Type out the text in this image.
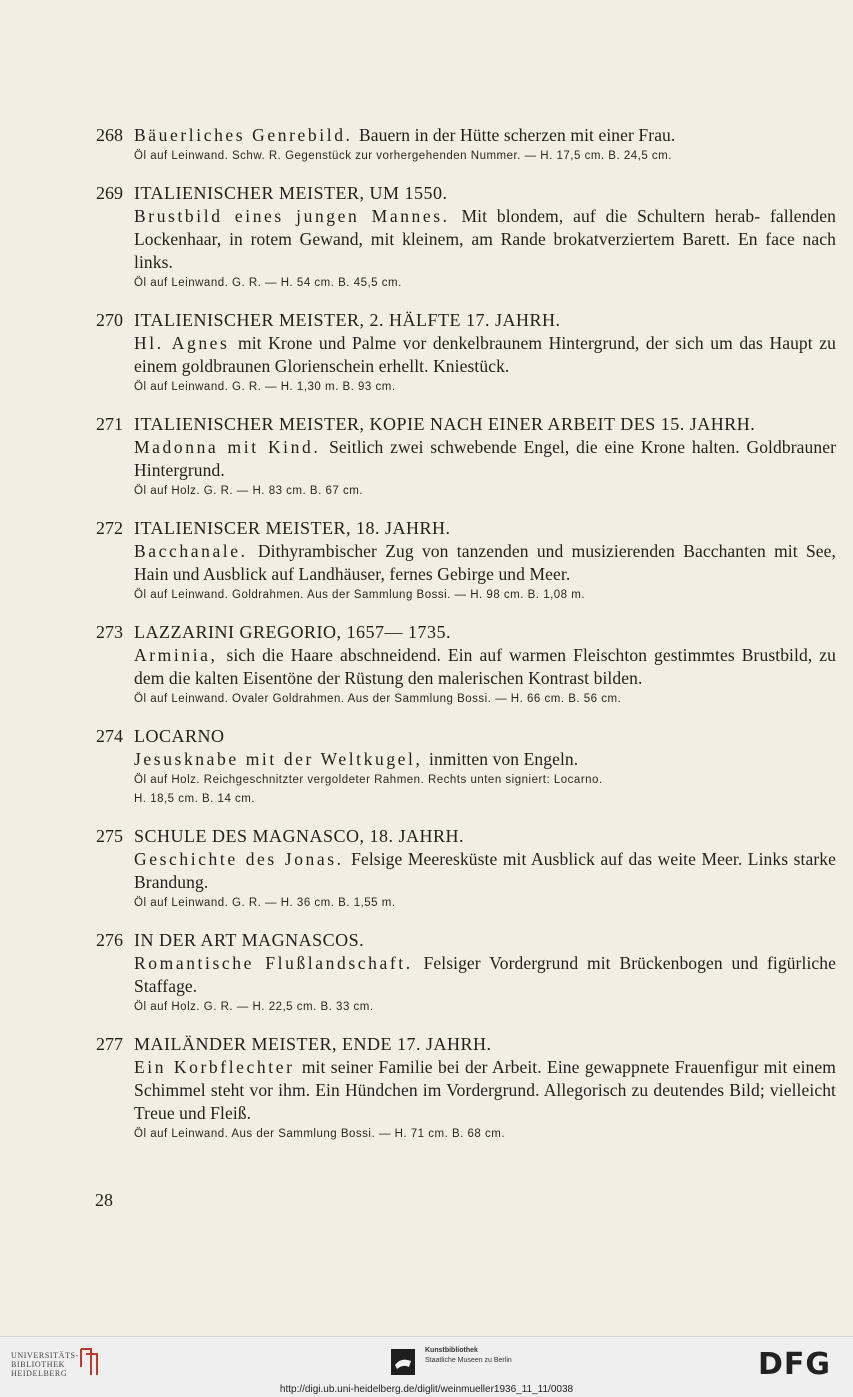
268 Bäuerliches Genrebild. Bauern in der Hütte scherzen mit einer Frau.
Öl auf Leinwand. Schw. R. Gegenstück zur vorhergehenden Nummer. — H. 17,5 cm. B. 24,5 cm.
269 ITALIENISCHER MEISTER, UM 1550.
Brustbild eines jungen Mannes. Mit blondem, auf die Schultern herab- fallenden Lockenhaar, in rotem Gewand, mit kleinem, am Rande brokatverziertem Barett. En face nach links.
Öl auf Leinwand. G. R. — H. 54 cm. B. 45,5 cm.
270 ITALIENISCHER MEISTER, 2. HÄLFTE 17. JAHRH.
Hl. Agnes mit Krone und Palme vor denkelbraunem Hintergrund, der sich um das Haupt zu einem goldbraunen Glorienschein erhellt. Kniestück.
Öl auf Leinwand. G. R. — H. 1,30 m. B. 93 cm.
271 ITALIENISCHER MEISTER, KOPIE NACH EINER ARBEIT DES 15. JAHRH.
Madonna mit Kind. Seitlich zwei schwebende Engel, die eine Krone halten. Goldbrauner Hintergrund.
Öl auf Holz. G. R. — H. 83 cm. B. 67 cm.
272 ITALIENISCER MEISTER, 18. JAHRH.
Bacchanale. Dithyrambischer Zug von tanzenden und musizierenden Bacchanten mit See, Hain und Ausblick auf Landhäuser, fernes Gebirge und Meer.
Öl auf Leinwand. Goldrahmen. Aus der Sammlung Bossi. — H. 98 cm. B. 1,08 m.
273 LAZZARINI GREGORIO, 1657— 1735.
Arminia, sich die Haare abschneidend. Ein auf warmen Fleischton gestimmtes Brustbild, zu dem die kalten Eisentöne der Rüstung den malerischen Kontrast bilden.
Öl auf Leinwand. Ovaler Goldrahmen. Aus der Sammlung Bossi. — H. 66 cm. B. 56 cm.
274 LOCARNO
Jesusknabe mit der Weltkugel, inmitten von Engeln.
Öl auf Holz. Reichgeschnitzter vergoldeter Rahmen. Rechts unten signiert: Locarno.
H. 18,5 cm. B. 14 cm.
275 SCHULE DES MAGNASCO, 18. JAHRH.
Geschichte des Jonas. Felsige Meeresküste mit Ausblick auf das weite Meer. Links starke Brandung.
Öl auf Leinwand. G. R. — H. 36 cm. B. 1,55 m.
276 IN DER ART MAGNASCOS.
Romantische Flußlandschaft. Felsiger Vordergrund mit Brückenbogen und figürliche Staffage.
Öl auf Holz. G. R. — H. 22,5 cm. B. 33 cm.
277 MAILÄNDER MEISTER, ENDE 17. JAHRH.
Ein Korbflechter mit seiner Familie bei der Arbeit. Eine gewappnete Frauenfigur mit einem Schimmel steht vor ihm. Ein Hündchen im Vordergrund. Allegorisch zu deutendes Bild; vielleicht Treue und Fleiß.
Öl auf Leinwand. Aus der Sammlung Bossi. — H. 71 cm. B. 68 cm.
28
UNIVERSITÄTS-
BIBLIOTHEK
HEIDELBERG
Kunstbibliothek
Staatliche Museen zu Berlin	DFG
http://digi.ub.uni-heidelberg.de/diglit/weinmueller1936_11_11/0038
